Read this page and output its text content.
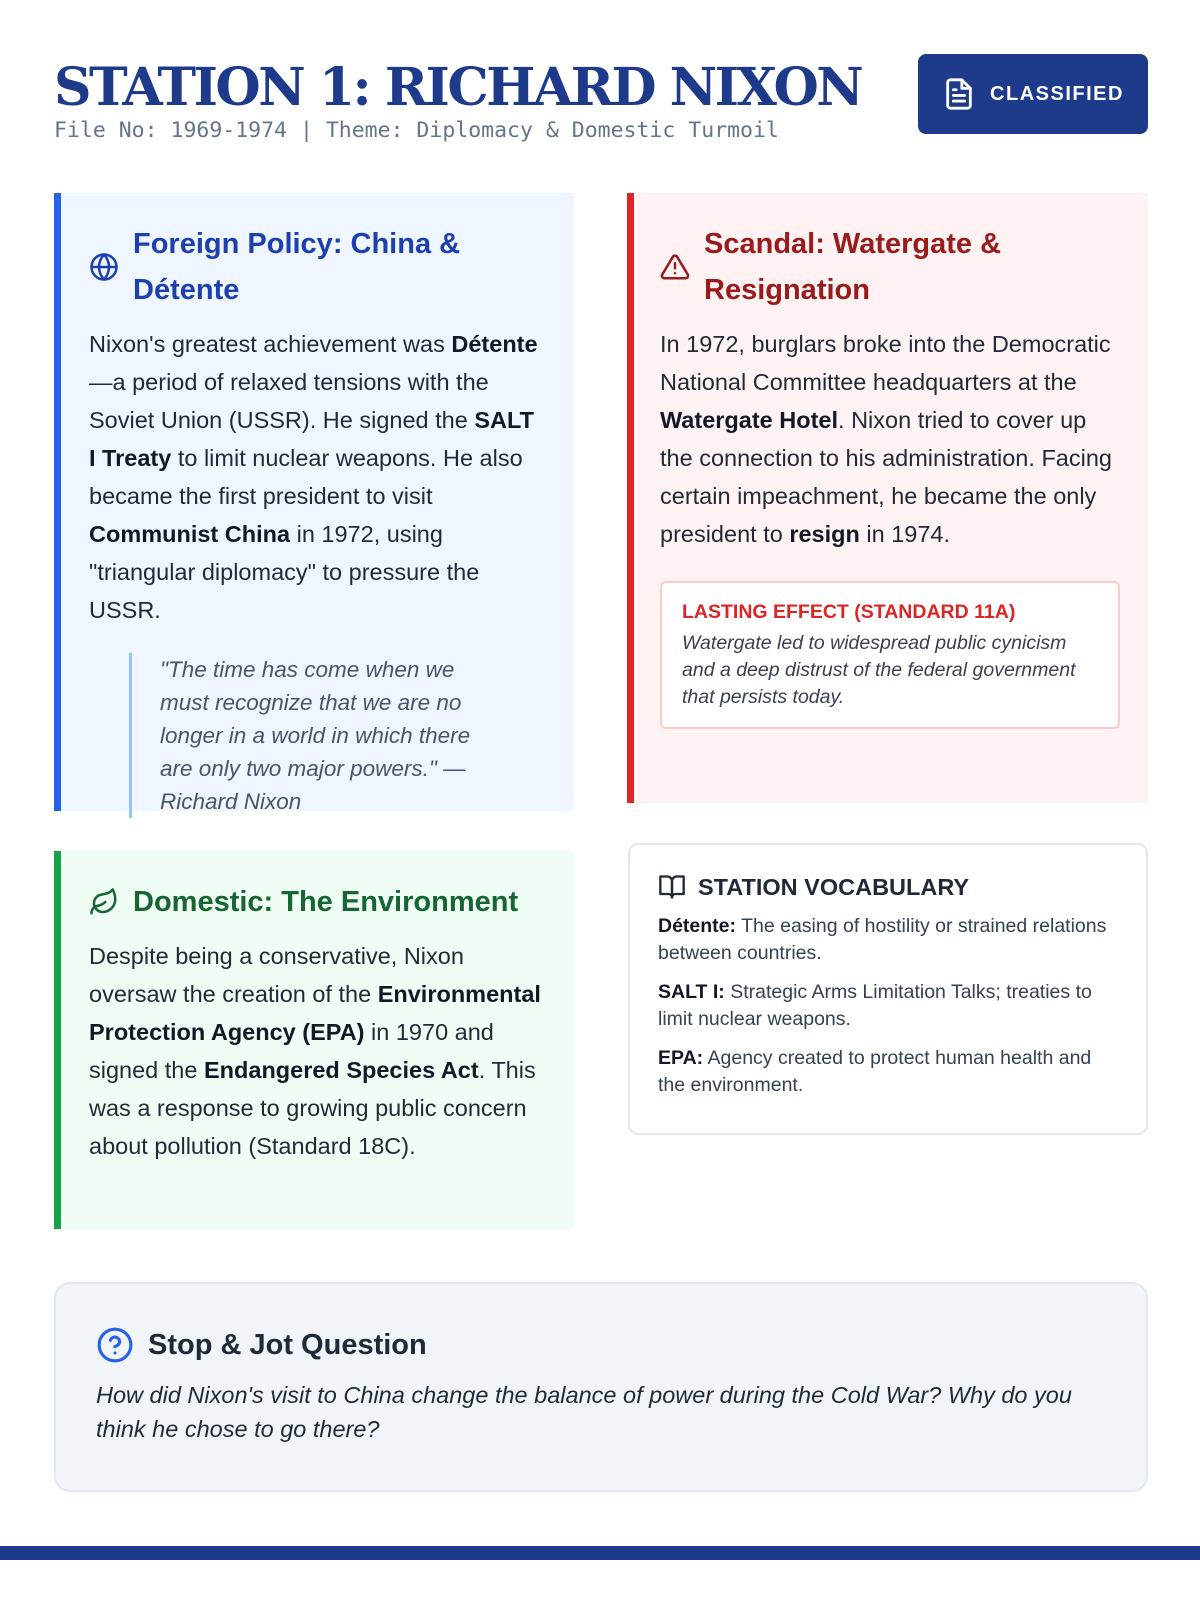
STATION 1: RICHARD NIXON
File No: 1969-1974 | Theme: Diplomacy & Domestic Turmoil
CLASSIFIED
Foreign Policy: China & Détente

Nixon's greatest achievement was Détente—a period of relaxed tensions with the Soviet Union (USSR). He signed the SALT I Treaty to limit nuclear weapons. He also became the first president to visit Communist China in 1972, using "triangular diplomacy" to pressure the USSR.

"The time has come when we must recognize that we are no longer in a world in which there are only two major powers." — Richard Nixon
Scandal: Watergate & Resignation

In 1972, burglars broke into the Democratic National Committee headquarters at the Watergate Hotel. Nixon tried to cover up the connection to his administration. Facing certain impeachment, he became the only president to resign in 1974.

LASTING EFFECT (STANDARD 11A)
Watergate led to widespread public cynicism and a deep distrust of the federal government that persists today.
Domestic: The Environment

Despite being a conservative, Nixon oversaw the creation of the Environmental Protection Agency (EPA) in 1970 and signed the Endangered Species Act. This was a response to growing public concern about pollution (Standard 18C).

STATION VOCABULARY
Détente: The easing of hostility or strained relations between countries.
SALT I: Strategic Arms Limitation Talks; treaties to limit nuclear weapons.
EPA: Agency created to protect human health and the environment.
Stop & Jot Question

How did Nixon's visit to China change the balance of power during the Cold War? Why do you think he chose to go there?
